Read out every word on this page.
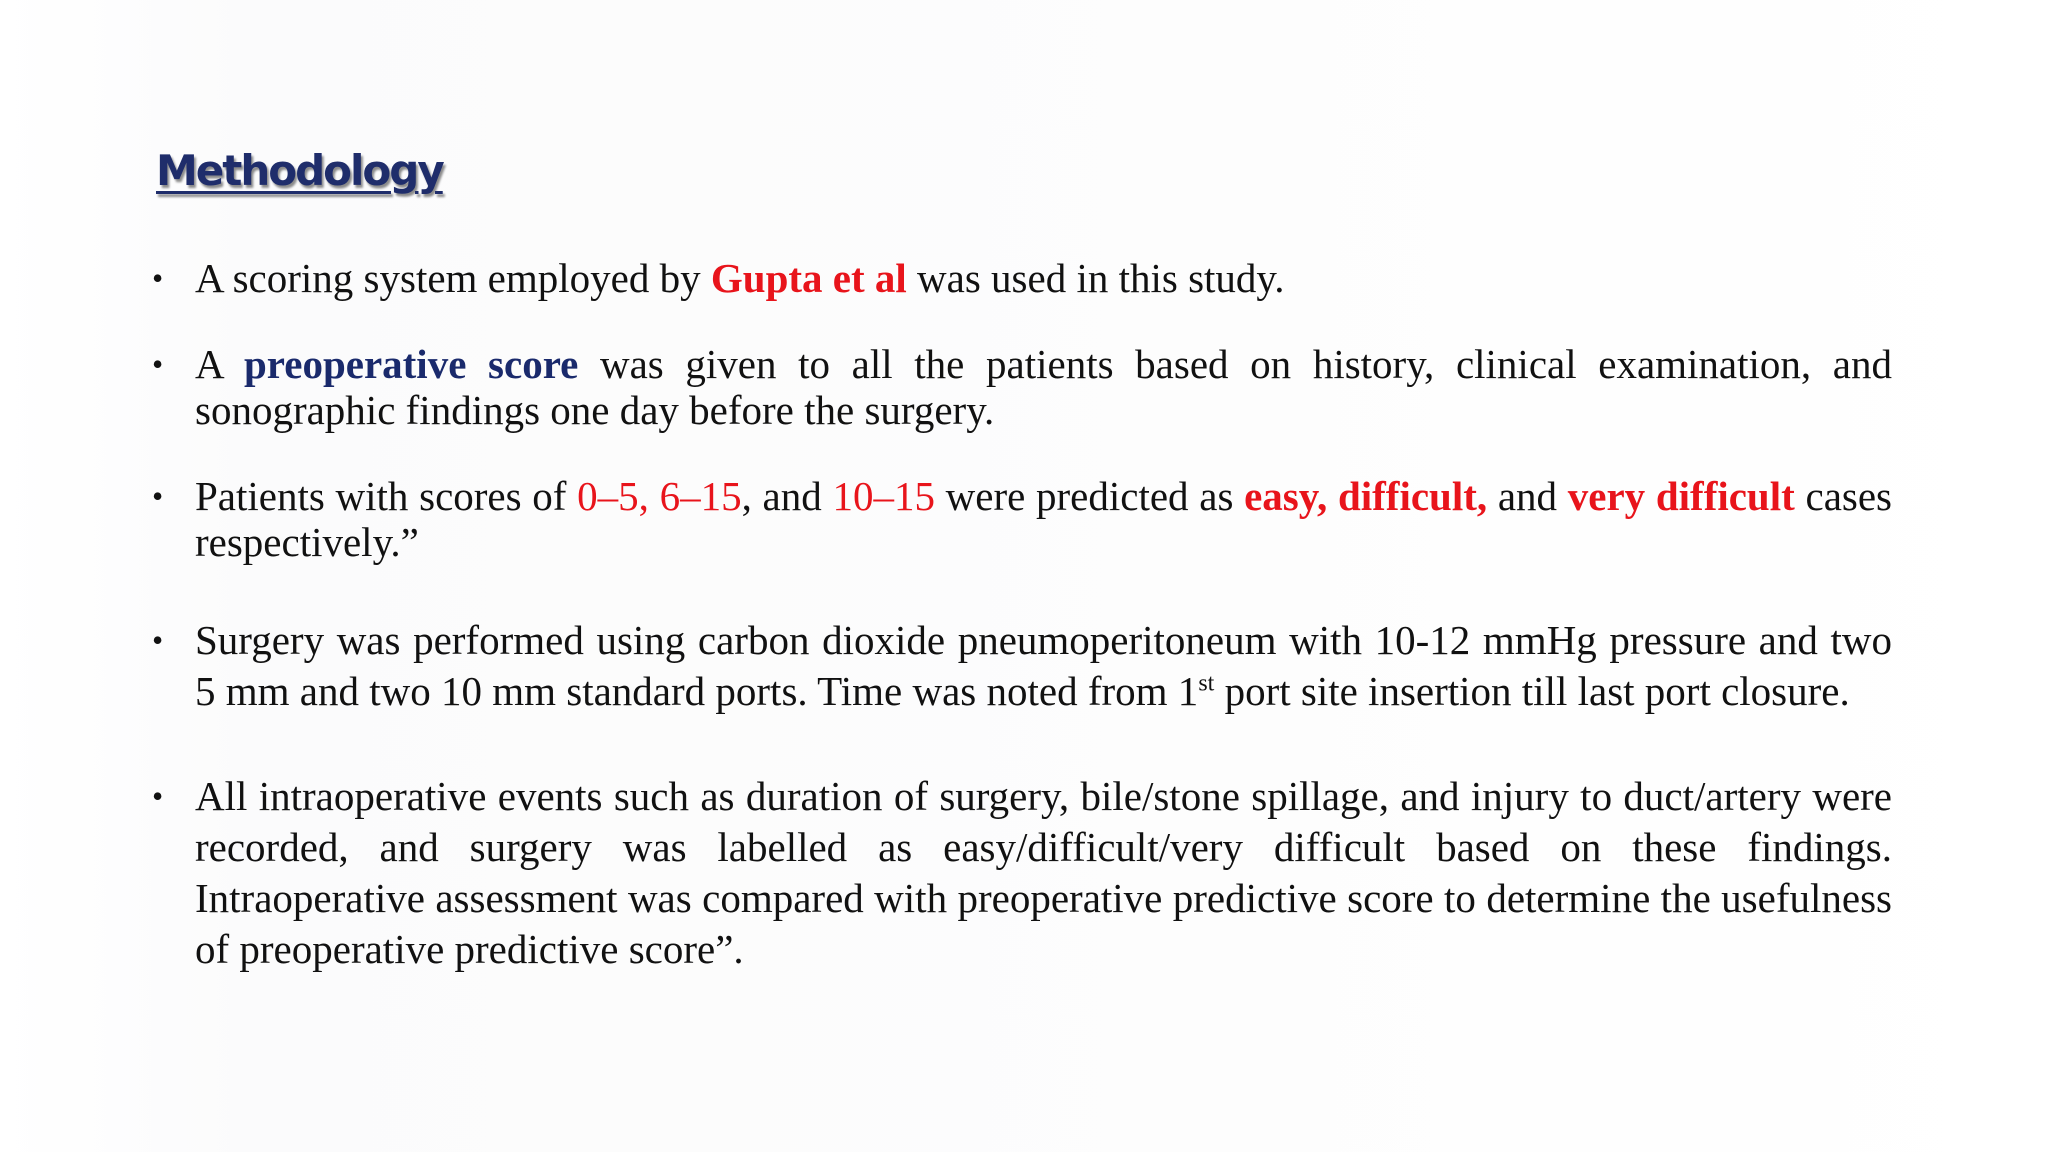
Methodology
• A scoring system employed by Gupta et al was used in this study.
• A preoperative score was given to all the patients based on history, clinical examination, and sonographic findings one day before the surgery.
• Patients with scores of 0–5, 6–15, and 10–15 were predicted as easy, difficult, and very difficult cases respectively.”
• Surgery was performed using carbon dioxide pneumoperitoneum with 10-12 mmHg pressure and two 5 mm and two 10 mm standard ports. Time was noted from 1st port site insertion till last port closure.
• All intraoperative events such as duration of surgery, bile/stone spillage, and injury to duct/artery were recorded, and surgery was labelled as easy/difficult/very difficult based on these findings. Intraoperative assessment was compared with preoperative predictive score to determine the usefulness of preoperative predictive score”.
